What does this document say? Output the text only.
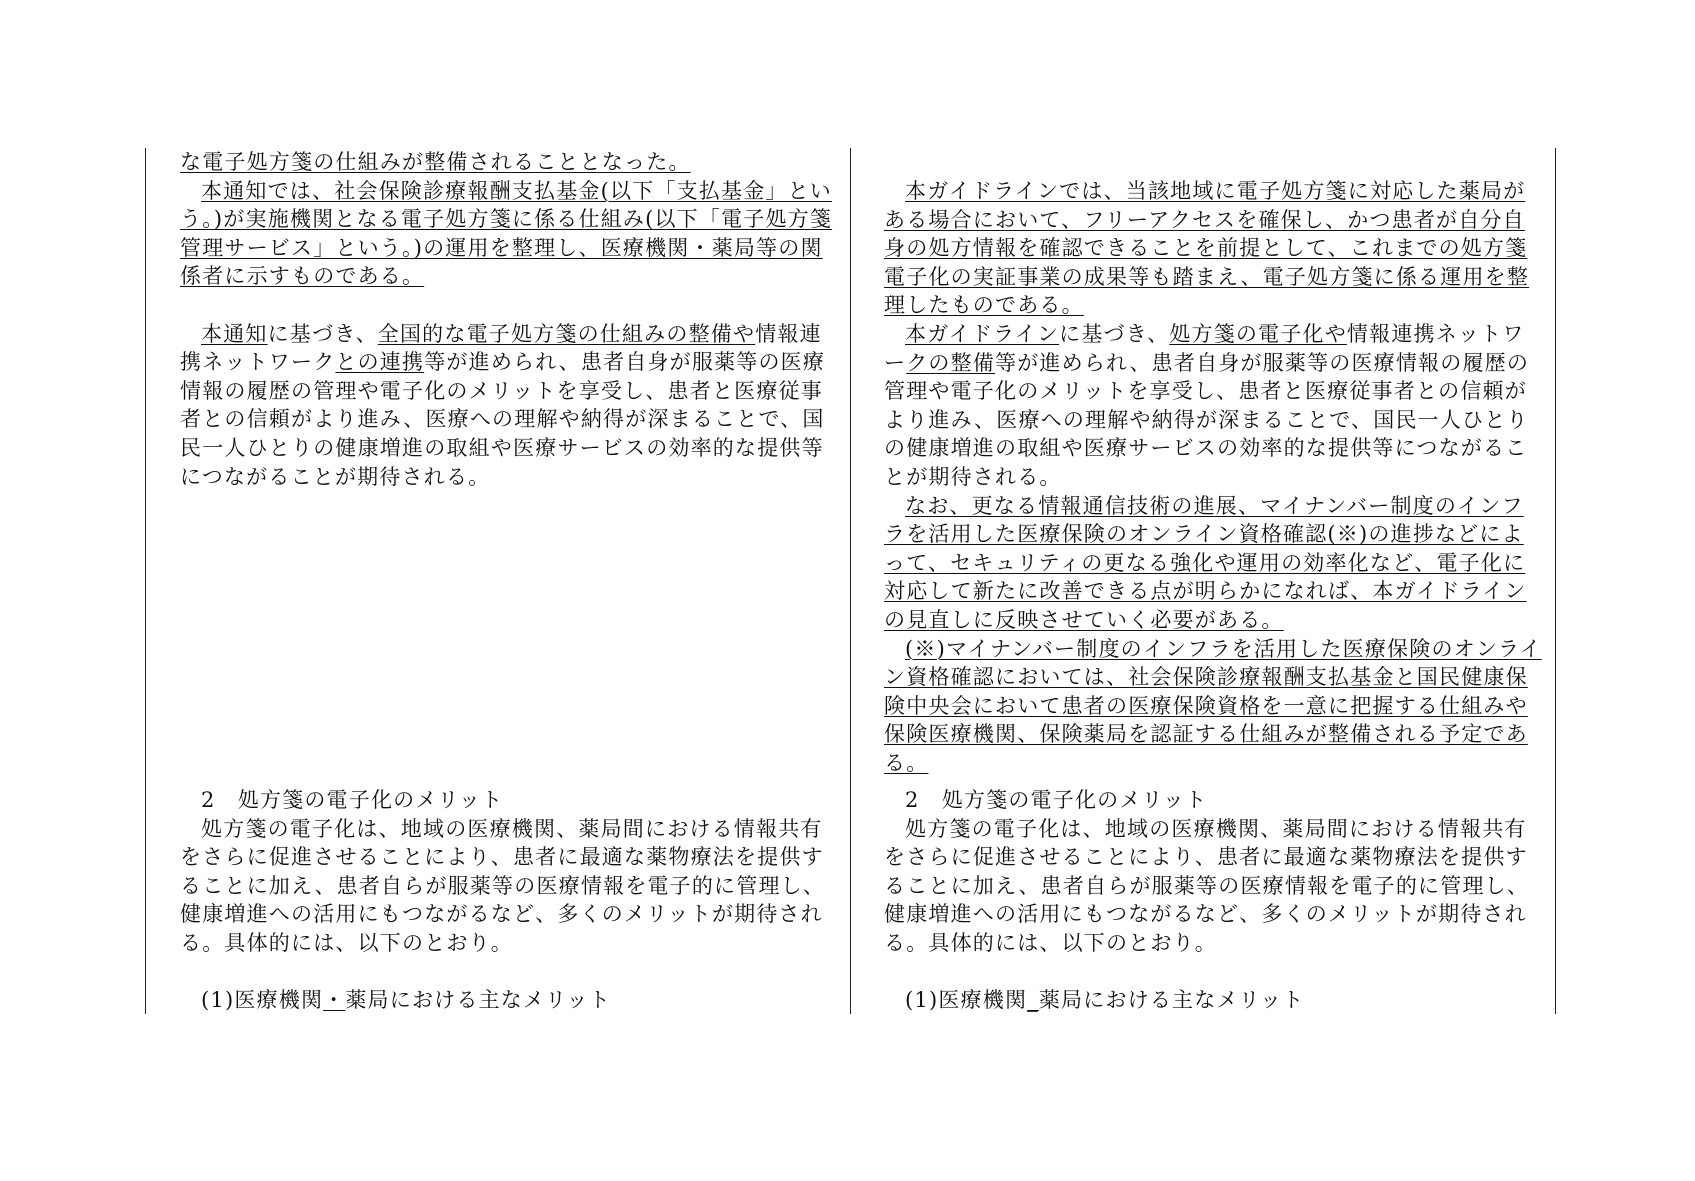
な電子処方箋の仕組みが整備されることとなった。

本通知では、社会保険診療報酬支払基金(以下「支払基金」という。)が実施機関となる電子処方箋に係る仕組み(以下「電子処方箋管理サービス」という。)の運用を整理し、医療機関・薬局等の関係者に示すものである。

本通知に基づき、全国的な電子処方箋の仕組みの整備や情報連携ネットワークとの連携等が進められ、患者自身が服薬等の医療情報の履歴の管理や電子化のメリットを享受し、患者と医療従事者との信頼がより進み、医療への理解や納得が深まることで、国民一人ひとりの健康増進の取組や医療サービスの効率的な提供等につながることが期待される。

2　処方箋の電子化のメリット

処方箋の電子化は、地域の医療機関、薬局間における情報共有をさらに促進させることにより、患者に最適な薬物療法を提供することに加え、患者自らが服薬等の医療情報を電子的に管理し、健康増進への活用にもつながるなど、多くのメリットが期待される。具体的には、以下のとおり。

(1)医療機関・薬局における主なメリット

本ガイドラインでは、当該地域に電子処方箋に対応した薬局がある場合において、フリーアクセスを確保し、かつ患者が自分自身の処方情報を確認できることを前提として、これまでの処方箋電子化の実証事業の成果等も踏まえ、電子処方箋に係る運用を整理したものである。

本ガイドラインに基づき、処方箋の電子化や情報連携ネットワークの整備等が進められ、患者自身が服薬等の医療情報の履歴の管理や電子化のメリットを享受し、患者と医療従事者との信頼がより進み、医療への理解や納得が深まることで、国民一人ひとりの健康増進の取組や医療サービスの効率的な提供等につながることが期待される。

なお、更なる情報通信技術の進展、マイナンバー制度のインフラを活用した医療保険のオンライン資格確認(※)の進捗などによって、セキュリティの更なる強化や運用の効率化など、電子化に対応して新たに改善できる点が明らかになれば、本ガイドラインの見直しに反映させていく必要がある。

(※)マイナンバー制度のインフラを活用した医療保険のオンライン資格確認においては、社会保険診療報酬支払基金と国民健康保険中央会において患者の医療保険資格を一意に把握する仕組みや保険医療機関、保険薬局を認証する仕組みが整備される予定である。

2　処方箋の電子化のメリット

処方箋の電子化は、地域の医療機関、薬局間における情報共有をさらに促進させることにより、患者に最適な薬物療法を提供することに加え、患者自らが服薬等の医療情報を電子的に管理し、健康増進への活用にもつながるなど、多くのメリットが期待される。具体的には、以下のとおり。

(1)医療機関_薬局における主なメリット
